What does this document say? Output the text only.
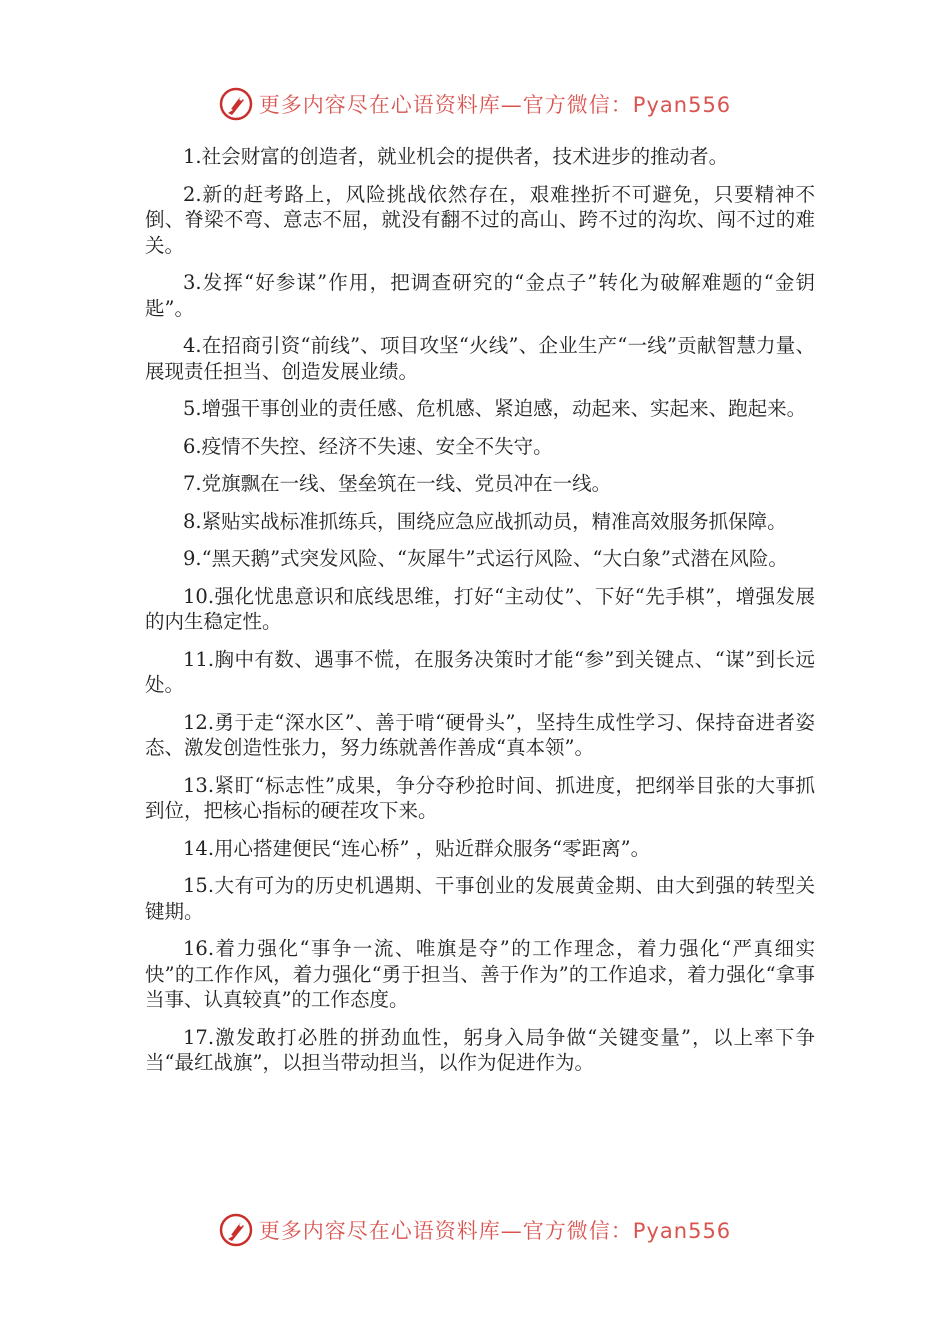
更多内容尽在心语资料库—官方微信：Pyan556

1.社会财富的创造者，就业机会的提供者，技术进步的推动者。

2.新的赶考路上，风险挑战依然存在，艰难挫折不可避免，只要精神不倒、脊梁不弯、意志不屈，就没有翻不过的高山、跨不过的沟坎、闯不过的难关。

3.发挥“好参谋”作用，把调查研究的“金点子”转化为破解难题的“金钥匙”。

4.在招商引资“前线”、项目攻坚“火线”、企业生产“一线”贡献智慧力量、展现责任担当、创造发展业绩。

5.增强干事创业的责任感、危机感、紧迫感，动起来、实起来、跑起来。

6.疫情不失控、经济不失速、安全不失守。

7.党旗飘在一线、堡垒筑在一线、党员冲在一线。

8.紧贴实战标准抓练兵，围绕应急应战抓动员，精准高效服务抓保障。

9.“黑天鹅”式突发风险、“灰犀牛”式运行风险、“大白象”式潜在风险。

10.强化忧患意识和底线思维，打好“主动仗”、下好“先手棋”，增强发展的内生稳定性。

11.胸中有数、遇事不慌，在服务决策时才能“参”到关键点、“谋”到长远处。

12.勇于走“深水区”、善于啃“硬骨头”，坚持生成性学习、保持奋进者姿态、激发创造性张力，努力练就善作善成“真本领”。

13.紧盯“标志性”成果，争分夺秒抢时间、抓进度，把纲举目张的大事抓到位，把核心指标的硬茬攻下来。

14.用心搭建便民“连心桥” ，贴近群众服务“零距离”。

15.大有可为的历史机遇期、干事创业的发展黄金期、由大到强的转型关键期。

16.着力强化“事争一流、唯旗是夺”的工作理念，着力强化“严真细实快”的工作作风，着力强化“勇于担当、善于作为”的工作追求，着力强化“拿事当事、认真较真”的工作态度。

17.激发敢打必胜的拼劲血性，躬身入局争做“关键变量”，以上率下争当“最红战旗”，以担当带动担当，以作为促进作为。

更多内容尽在心语资料库—官方微信：Pyan556
